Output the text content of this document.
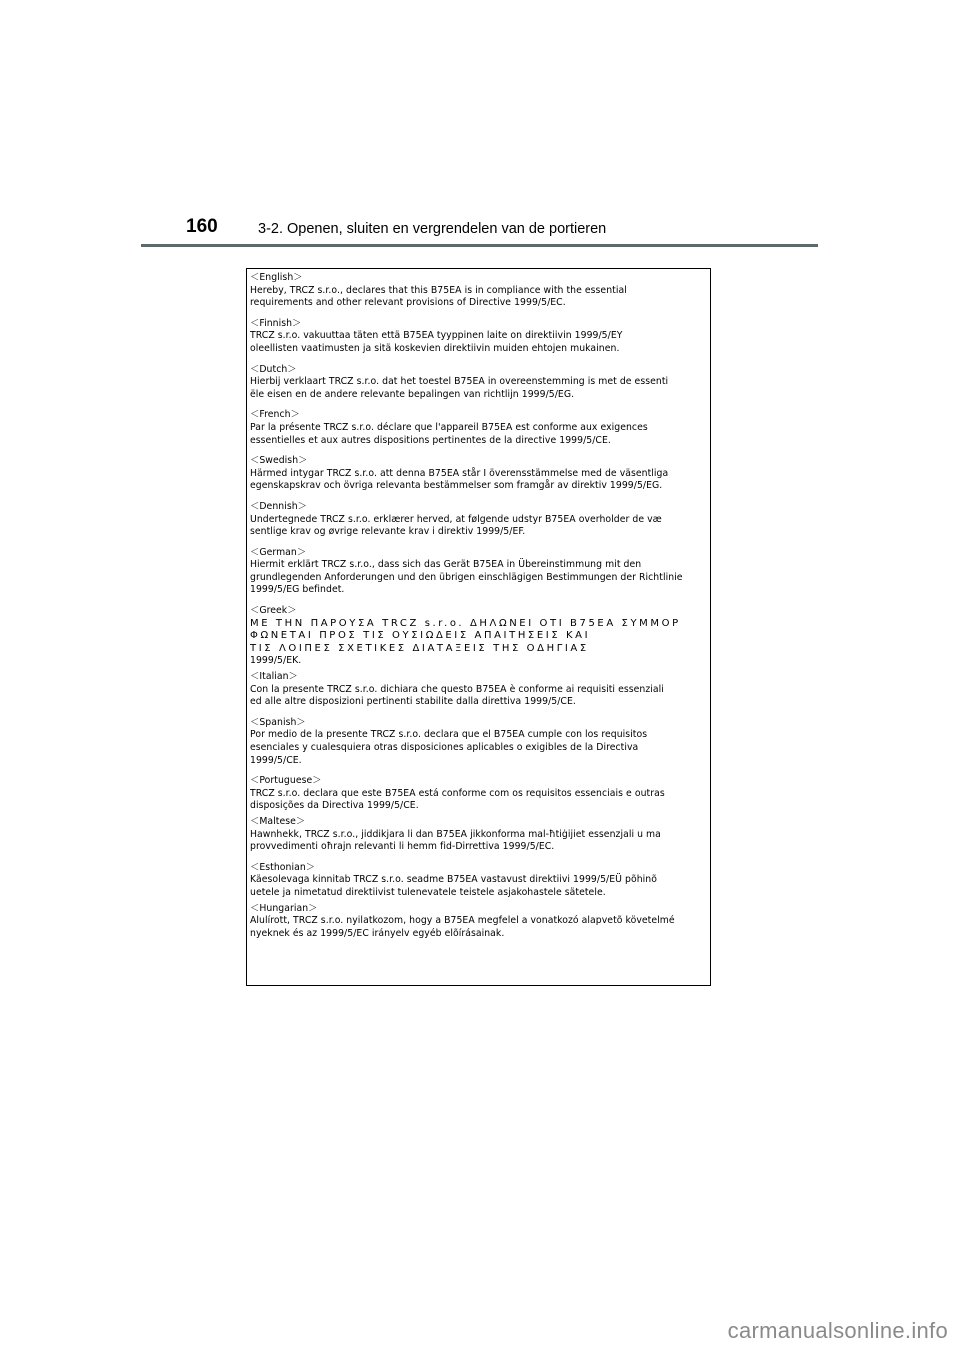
160	3-2. Openen, sluiten en vergrendelen van de portieren
＜English＞
Hereby, TRCZ s.r.o., declares that this B75EA is in compliance with the essential
requirements and other relevant provisions of Directive 1999/5/EC.
＜Finnish＞
TRCZ s.r.o. vakuuttaa täten että B75EA tyyppinen laite on direktiivin 1999/5/EY
oleellisten vaatimusten ja sitä koskevien direktiivin muiden ehtojen mukainen.
＜Dutch＞
Hierbij verklaart TRCZ s.r.o. dat het toestel B75EA in overeenstemming is met de essenti
ële eisen en de andere relevante bepalingen van richtlijn 1999/5/EG.
＜French＞
Par la présente TRCZ s.r.o. déclare que l'appareil B75EA est conforme aux exigences
essentielles et aux autres dispositions pertinentes de la directive 1999/5/CE.
＜Swedish＞
Härmed intygar TRCZ s.r.o. att denna B75EA står I överensstämmelse med de väsentliga
egenskapskrav och övriga relevanta bestämmelser som framgår av direktiv 1999/5/EG.
＜Dennish＞
Undertegnede TRCZ s.r.o. erklærer herved, at følgende udstyr B75EA overholder de væ
sentlige krav og øvrige relevante krav i direktiv 1999/5/EF.
＜German＞
Hiermit erklärt TRCZ s.r.o., dass sich das Gerät B75EA in Übereinstimmung mit den
grundlegenden Anforderungen und den übrigen einschlägigen Bestimmungen der Richtlinie
1999/5/EG befindet.
＜Greek＞
ΜΕ ΤΗΝ ΠΑΡΟΥΣΑ TRCZ s.r.o. ΔΗΛΩΝΕΙ ΟΤΙ B75EA ΣΥΜΜΟΡ
ΦΩΝΕΤΑΙ ΠΡΟΣ ΤΙΣ ΟΥΣΙΩΔΕΙΣ ΑΠΑΙΤΗΣΕΙΣ ΚΑΙ
ΤΙΣ ΛΟΙΠΕΣ ΣΧΕΤΙΚΕΣ ΔΙΑΤΑΞΕΙΣ ΤΗΣ ΟΔΗΓΙΑΣ
1999/5/EK.
＜Italian＞
Con la presente TRCZ s.r.o. dichiara che questo B75EA è conforme ai requisiti essenziali
ed alle altre disposizioni pertinenti stabilite dalla direttiva 1999/5/CE.
＜Spanish＞
Por medio de la presente TRCZ s.r.o. declara que el B75EA cumple con los requisitos
esenciales y cualesquiera otras disposiciones aplicables o exigibles de la Directiva
1999/5/CE.
＜Portuguese＞
TRCZ s.r.o. declara que este B75EA está conforme com os requisitos essenciais e outras
disposições da Directiva 1999/5/CE.
＜Maltese＞
Hawnhekk, TRCZ s.r.o., jiddikjara li dan B75EA jikkonforma mal-ħtiġijiet essenzjali u ma
provvedimenti oħrajn relevanti li hemm fid-Dirrettiva 1999/5/EC.
＜Esthonian＞
Käesolevaga kinnitab TRCZ s.r.o. seadme B75EA vastavust direktiivi 1999/5/EÜ põhinõ
uetele ja nimetatud direktiivist tulenevatele teistele asjakohastele sätetele.
＜Hungarian＞
Alulírott, TRCZ s.r.o. nyilatkozom, hogy a B75EA megfelel a vonatkozó alapvetõ követelmé
nyeknek és az 1999/5/EC irányelv egyéb elõírásainak.
carmanualsonline.info
